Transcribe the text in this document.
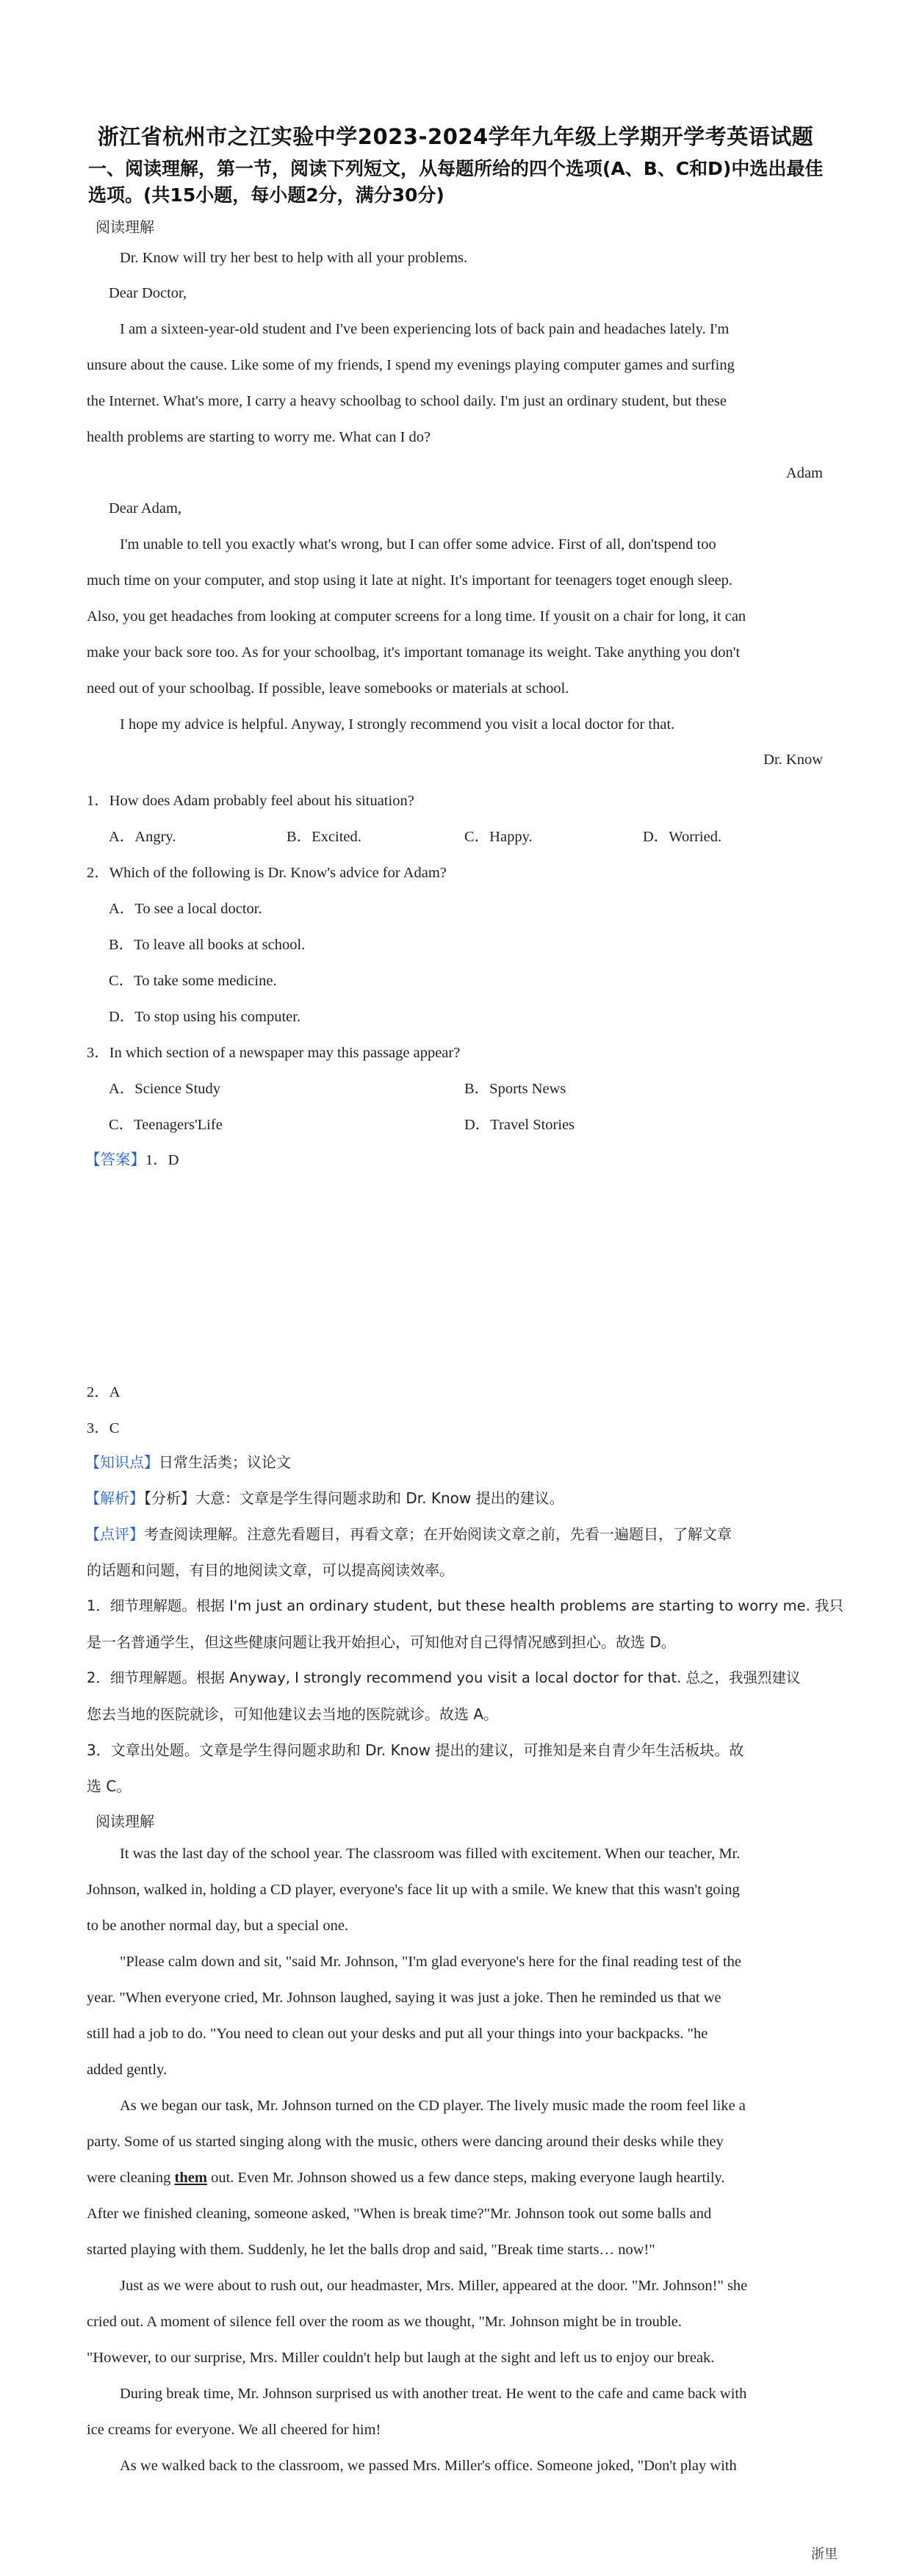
浙江省杭州市之江实验中学2023-2024学年九年级上学期开学考英语试题
一、阅读理解，第一节，阅读下列短文，从每题所给的四个选项(A、B、C和D)中选出最佳选项。(共15小题，每小题2分，满分30分)
阅读理解
Dr. Know will try her best to help with all your problems.
Dear Doctor,
I am a sixteen-year-old student and I've been experiencing lots of back pain and headaches lately. I'm
unsure about the cause. Like some of my friends, I spend my evenings playing computer games and surfing
the Internet. What's more, I carry a heavy schoolbag to school daily. I'm just an ordinary student, but these
health problems are starting to worry me. What can I do?
Adam
Dear Adam,
I'm unable to tell you exactly what's wrong, but I can offer some advice. First of all, don'tspend too
much time on your computer, and stop using it late at night. It's important for teenagers toget enough sleep.
Also, you get headaches from looking at computer screens for a long time. If yousit on a chair for long, it can
make your back sore too. As for your schoolbag, it's important tomanage its weight. Take anything you don't
need out of your schoolbag. If possible, leave somebooks or materials at school.
I hope my advice is helpful. Anyway, I strongly recommend you visit a local doctor for that.
Dr. Know
1．How does Adam probably feel about his situation?
A．Angry.	B．Excited.	C．Happy.	D．Worried.
2．Which of the following is Dr. Know's advice for Adam?
A．To see a local doctor.
B．To leave all books at school.
C．To take some medicine.
D．To stop using his computer.
3．In which section of a newspaper may this passage appear?
A．Science Study	B．Sports News
C．Teenagers'Life	D．Travel Stories
【答案】1．D
2．A
3．C
【知识点】日常生活类；议论文
【解析】【分析】大意：文章是学生得问题求助和 Dr. Know 提出的建议。
【点评】考查阅读理解。注意先看题目，再看文章；在开始阅读文章之前，先看一遍题目，了解文章
的话题和问题，有目的地阅读文章，可以提高阅读效率。
1．细节理解题。根据 I'm just an ordinary student, but these health problems are starting to worry me. 我只
是一名普通学生，但这些健康问题让我开始担心，可知他对自己得情况感到担心。故选 D。
2．细节理解题。根据 Anyway, I strongly recommend you visit a local doctor for that. 总之，我强烈建议
您去当地的医院就诊，可知他建议去当地的医院就诊。故选 A。
3．文章出处题。文章是学生得问题求助和 Dr. Know 提出的建议，可推知是来自青少年生活板块。故
选 C。
阅读理解
It was the last day of the school year. The classroom was filled with excitement. When our teacher, Mr.
Johnson, walked in, holding a CD player, everyone's face lit up with a smile. We knew that this wasn't going
to be another normal day, but a special one.
"Please calm down and sit, "said Mr. Johnson, "I'm glad everyone's here for the final reading test of the
year. "When everyone cried, Mr. Johnson laughed, saying it was just a joke. Then he reminded us that we
still had a job to do. "You need to clean out your desks and put all your things into your backpacks. "he
added gently.
As we began our task, Mr. Johnson turned on the CD player. The lively music made the room feel like a
party. Some of us started singing along with the music, others were dancing around their desks while they
were cleaning them out. Even Mr. Johnson showed us a few dance steps, making everyone laugh heartily.
After we finished cleaning, someone asked, "When is break time?"Mr. Johnson took out some balls and
started playing with them. Suddenly, he let the balls drop and said, "Break time starts… now!"
Just as we were about to rush out, our headmaster, Mrs. Miller, appeared at the door. "Mr. Johnson!" she
cried out. A moment of silence fell over the room as we thought, "Mr. Johnson might be in trouble.
"However, to our surprise, Mrs. Miller couldn't help but laugh at the sight and left us to enjoy our break.
During break time, Mr. Johnson surprised us with another treat. He went to the cafe and came back with
ice creams for everyone. We all cheered for him!
As we walked back to the classroom, we passed Mrs. Miller's office. Someone joked, "Don't play with
浙里
